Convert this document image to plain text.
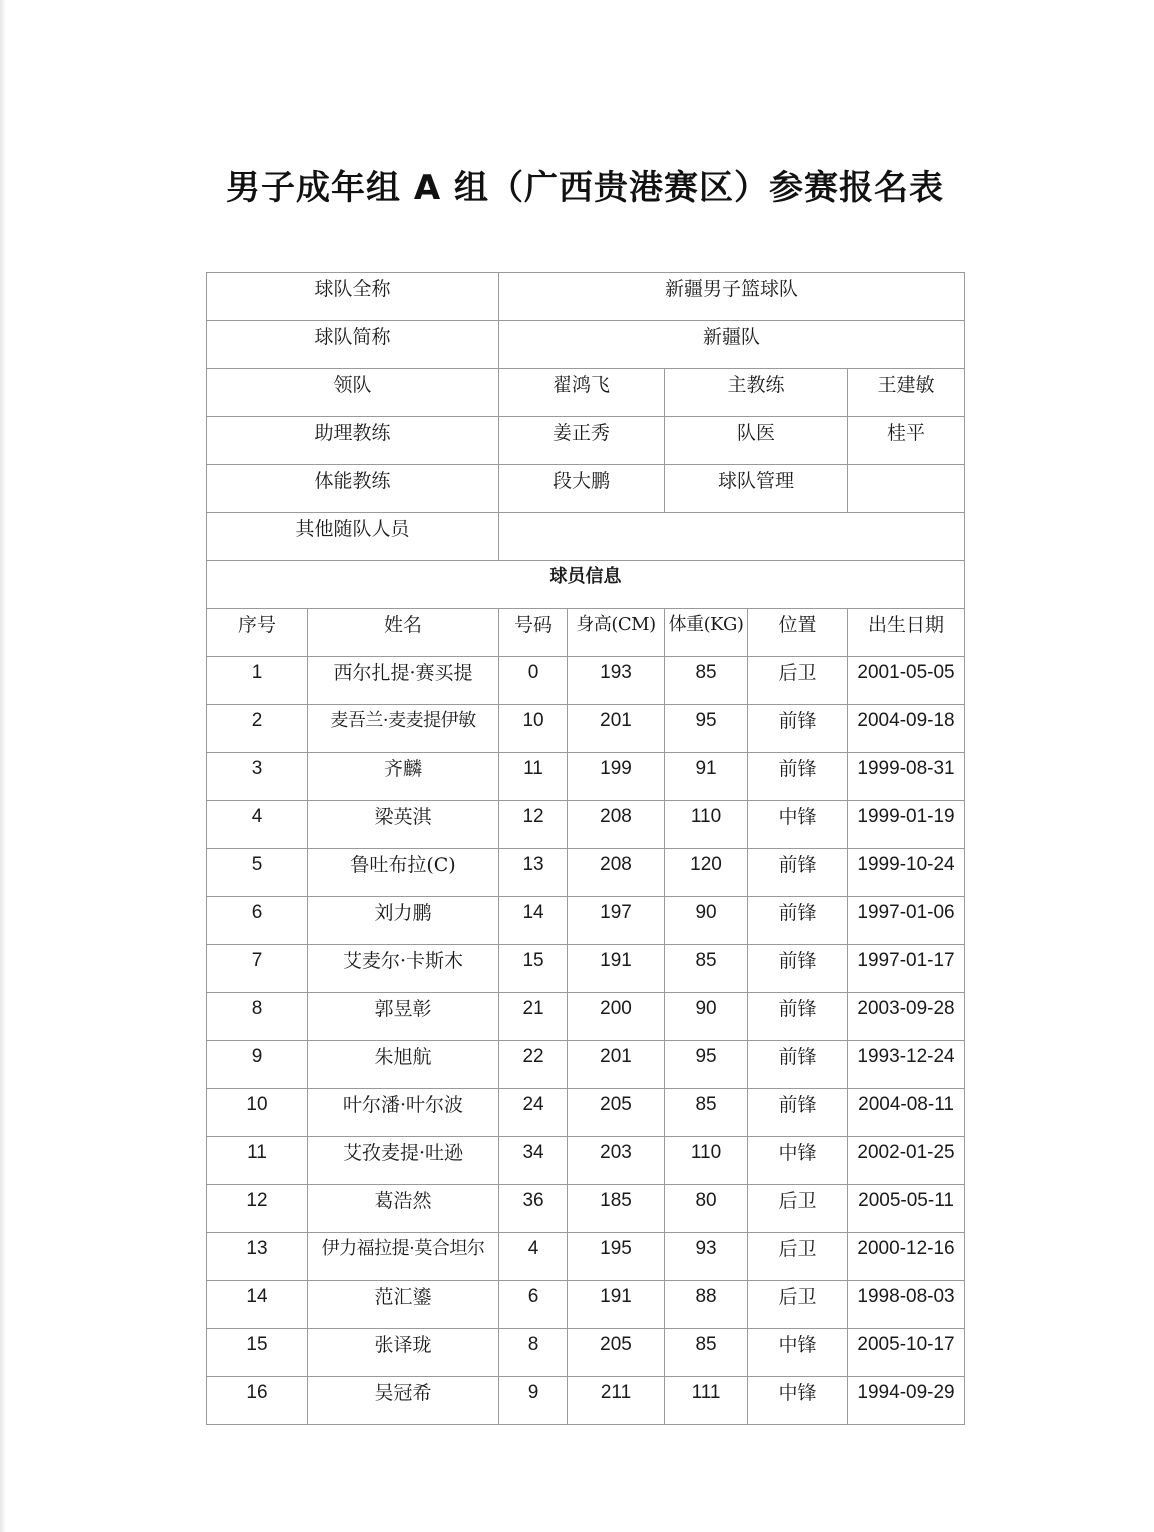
男子成年组 A 组（广西贵港赛区）参赛报名表
球队全称		新疆男子篮球队				
球队简称		新疆队				
领队		翟鸿飞		主教练		王建敏
助理教练		姜正秀		队医		桂平
体能教练		段大鹏		球队管理		
其他随队人员						
球员信息						
序号	姓名	号码	身高(CM)	体重(KG)	位置	出生日期
1	西尔扎提·赛买提	0	193	85	后卫	2001-05-05
2	麦吾兰·麦麦提伊敏	10	201	95	前锋	2004-09-18
3	齐麟	11	199	91	前锋	1999-08-31
4	梁英淇	12	208	110	中锋	1999-01-19
5	鲁吐布拉(C)	13	208	120	前锋	1999-10-24
6	刘力鹏	14	197	90	前锋	1997-01-06
7	艾麦尔·卡斯木	15	191	85	前锋	1997-01-17
8	郭昱彰	21	200	90	前锋	2003-09-28
9	朱旭航	22	201	95	前锋	1993-12-24
10	叶尔潘·叶尔波	24	205	85	前锋	2004-08-11
11	艾孜麦提·吐逊	34	203	110	中锋	2002-01-25
12	葛浩然	36	185	80	后卫	2005-05-11
13	伊力福拉提·莫合坦尔	4	195	93	后卫	2000-12-16
14	范汇鎏	6	191	88	后卫	1998-08-03
15	张译珑	8	205	85	中锋	2005-10-17
16	吴冠希	9	211	111	中锋	1994-09-29
